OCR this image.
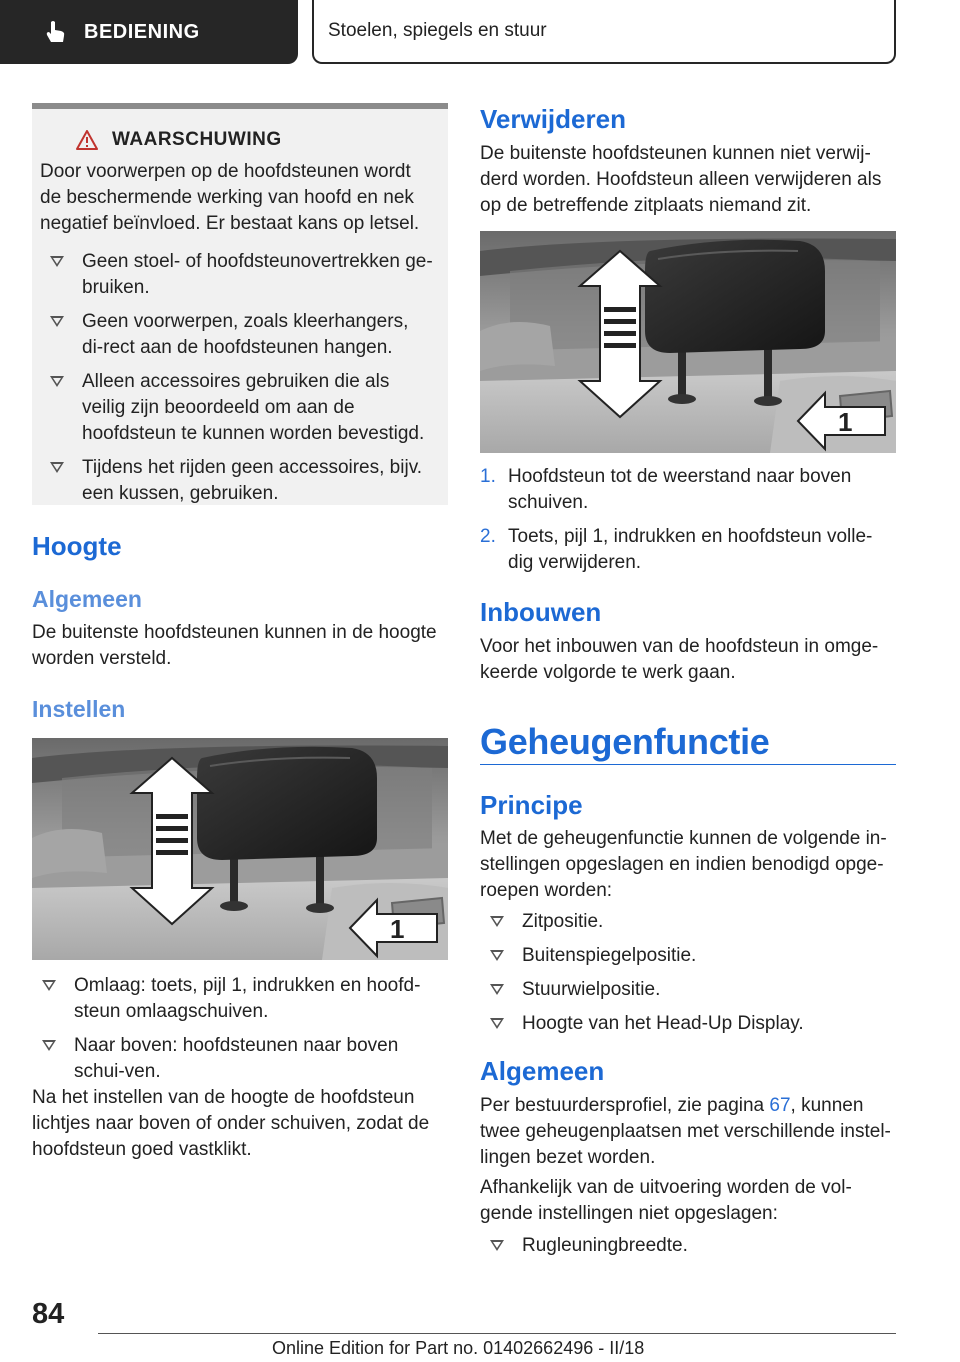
BEDIENING	Stoelen, spiegels en stuur
WAARSCHUWING

Door voorwerpen op de hoofdsteunen wordt de beschermende werking van hoofd en nek negatief beïnvloed. Er bestaat kans op letsel.

Geen stoel- of hoofdsteunovertrekken ge-bruiken.
Geen voorwerpen, zoals kleerhangers, di-rect aan de hoofdsteunen hangen.
Alleen accessoires gebruiken die als veilig zijn beoordeeld om aan de hoofdsteun te kunnen worden bevestigd.
Tijdens het rijden geen accessoires, bijv. een kussen, gebruiken.
Hoogte
Algemeen

De buitenste hoofdsteunen kunnen in de hoogte worden versteld.

Instellen
1
Omlaag: toets, pijl 1, indrukken en hoofd-steun omlaagschuiven.
Naar boven: hoofdsteunen naar boven schui-ven.

Na het instellen van de hoogte de hoofdsteun lichtjes naar boven of onder schuiven, zodat de hoofdsteun goed vastklikt.

Verwijderen

De buitenste hoofdsteunen kunnen niet verwij-derd worden. Hoofdsteun alleen verwijderen als op de betreffende zitplaats niemand zit.

1
1. Hoofdsteun tot de weerstand naar boven schuiven.
2. Toets, pijl 1, indrukken en hoofdsteun volle-dig verwijderen.
Inbouwen

Voor het inbouwen van de hoofdsteun in omge-keerde volgorde te werk gaan.

Geheugenfunctie
Principe

Met de geheugenfunctie kunnen de volgende in-stellingen opgeslagen en indien benodigd opge-roepen worden:

Zitpositie.
Buitenspiegelpositie.
Stuurwielpositie.
Hoogte van het Head-Up Display.
Algemeen

Per bestuurdersprofiel, zie pagina 67, kunnen twee geheugenplaatsen met verschillende instel-lingen bezet worden.

Afhankelijk van de uitvoering worden de vol-gende instellingen niet opgeslagen:

Rugleuningbreedte.
84
Online Edition for Part no. 01402662496 - II/18
